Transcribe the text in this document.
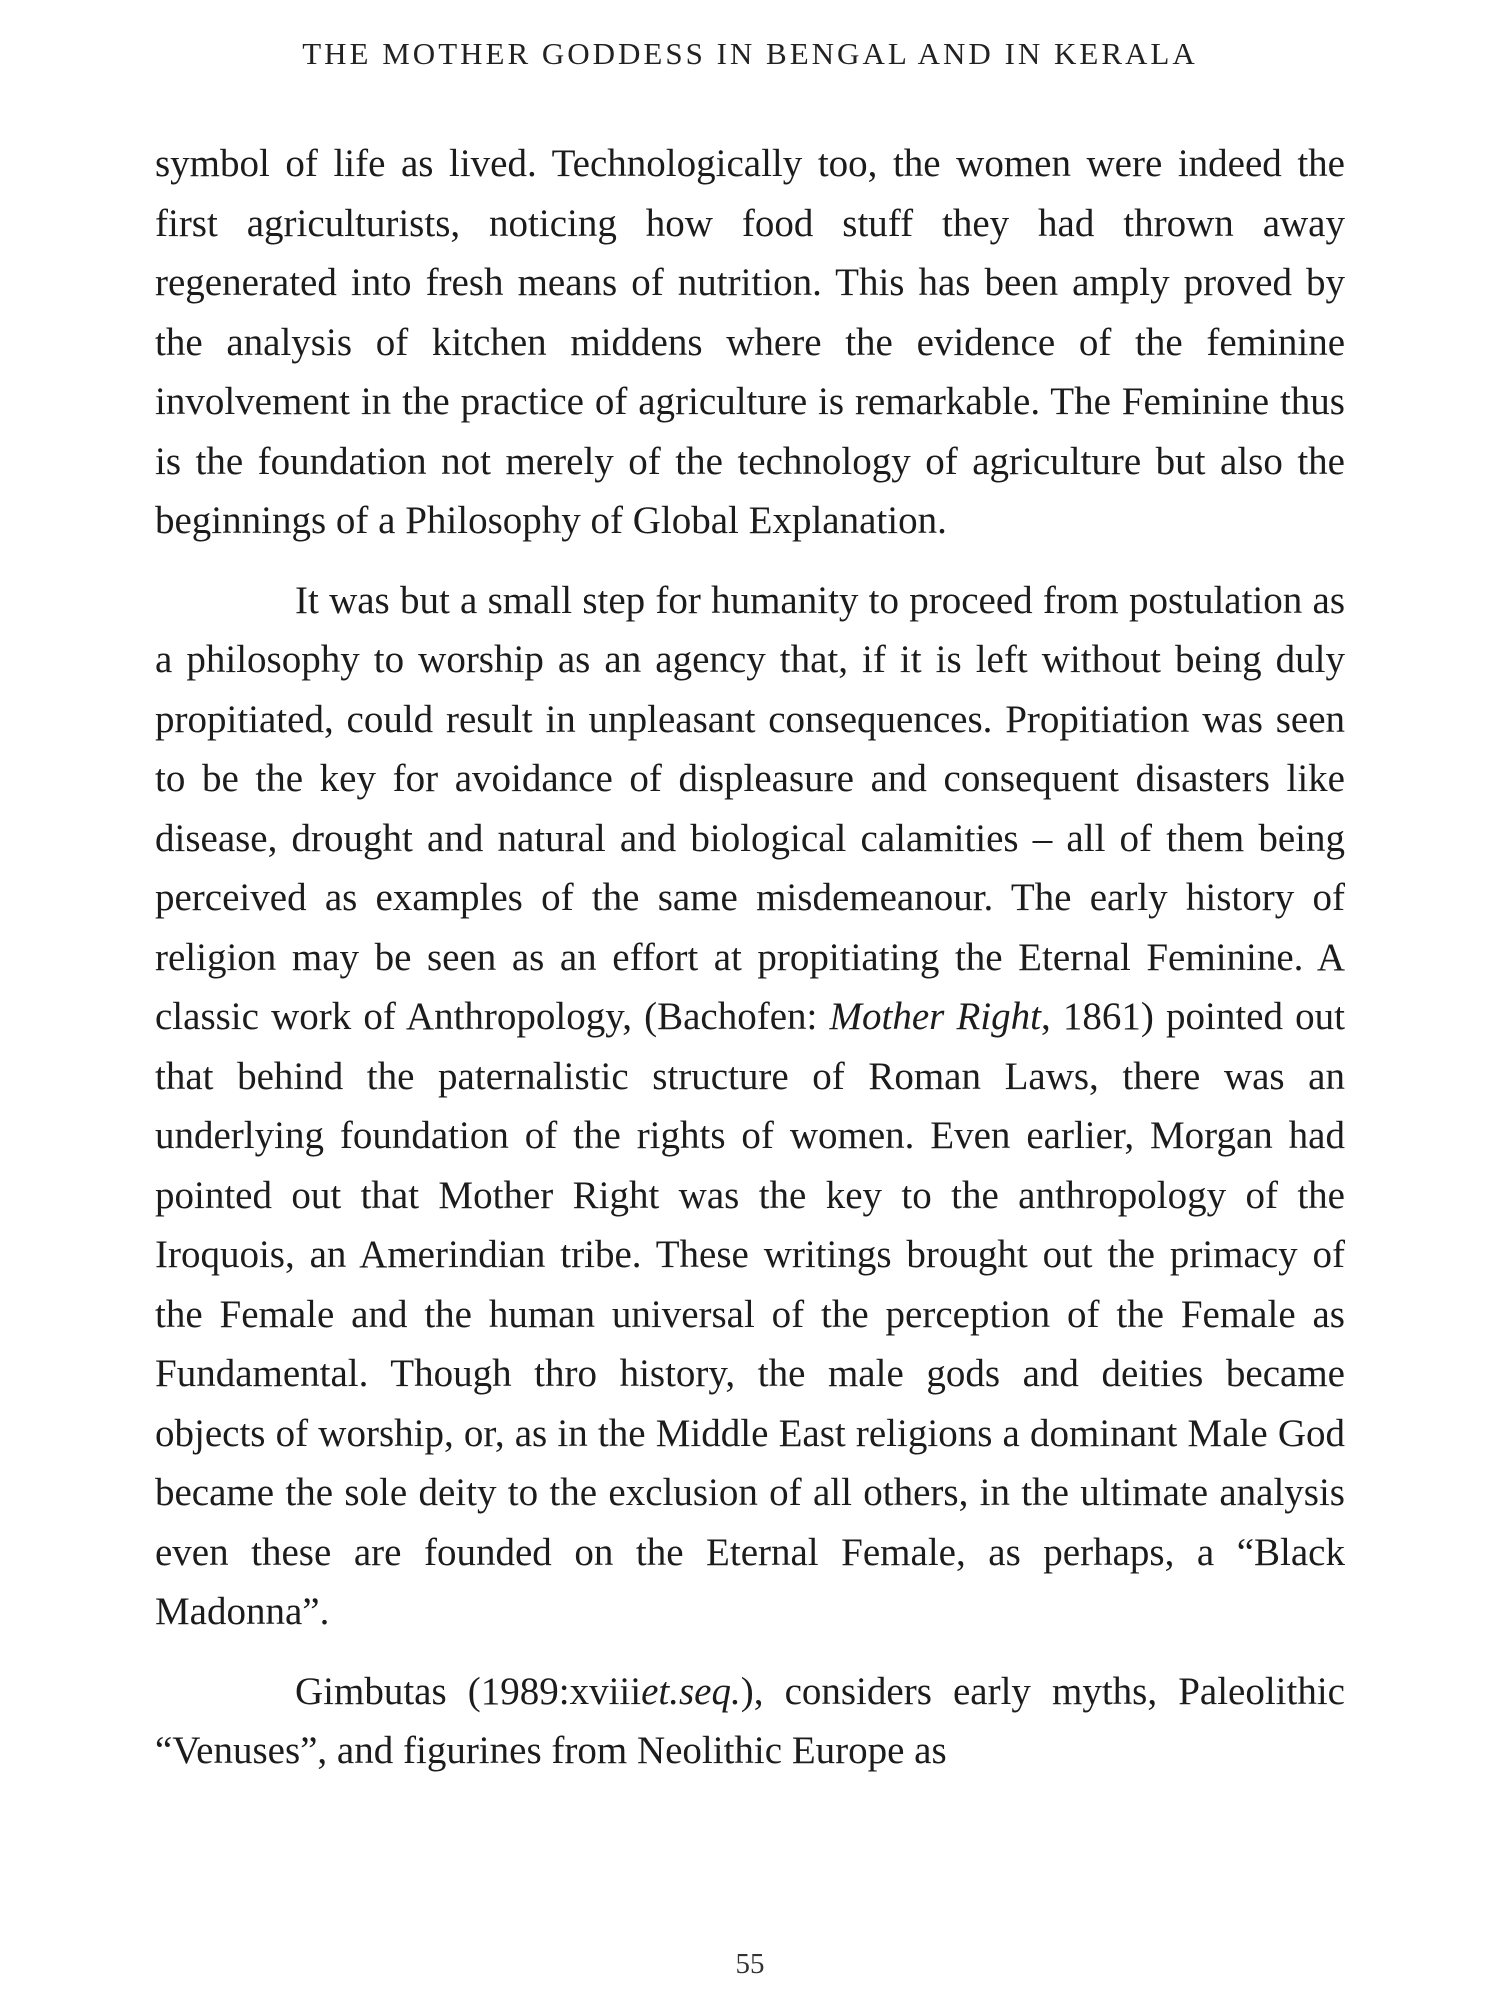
THE MOTHER GODDESS IN BENGAL AND IN KERALA

symbol of life as lived. Technologically too, the women were indeed the first agriculturists, noticing how food stuff they had thrown away regenerated into fresh means of nutrition. This has been amply proved by the analysis of kitchen middens where the evidence of the feminine involvement in the practice of agriculture is remarkable. The Feminine thus is the foundation not merely of the technology of agriculture but also the beginnings of a Philosophy of Global Explanation.

It was but a small step for humanity to proceed from postulation as a philosophy to worship as an agency that, if it is left without being duly propitiated, could result in unpleasant consequences. Propitiation was seen to be the key for avoidance of displeasure and consequent disasters like disease, drought and natural and biological calamities – all of them being perceived as examples of the same misdemeanour. The early history of religion may be seen as an effort at propitiating the Eternal Feminine. A classic work of Anthropology, (Bachofen: Mother Right, 1861) pointed out that behind the paternalistic structure of Roman Laws, there was an underlying foundation of the rights of women. Even earlier, Morgan had pointed out that Mother Right was the key to the anthropology of the Iroquois, an Amerindian tribe. These writings brought out the primacy of the Female and the human universal of the perception of the Female as Fundamental. Though thro history, the male gods and deities became objects of worship, or, as in the Middle East religions a dominant Male God became the sole deity to the exclusion of all others, in the ultimate analysis even these are founded on the Eternal Female, as perhaps, a “Black Madonna”.

Gimbutas (1989:xviiiet.seq.), considers early myths, Paleolithic “Venuses”, and figurines from Neolithic Europe as

55
